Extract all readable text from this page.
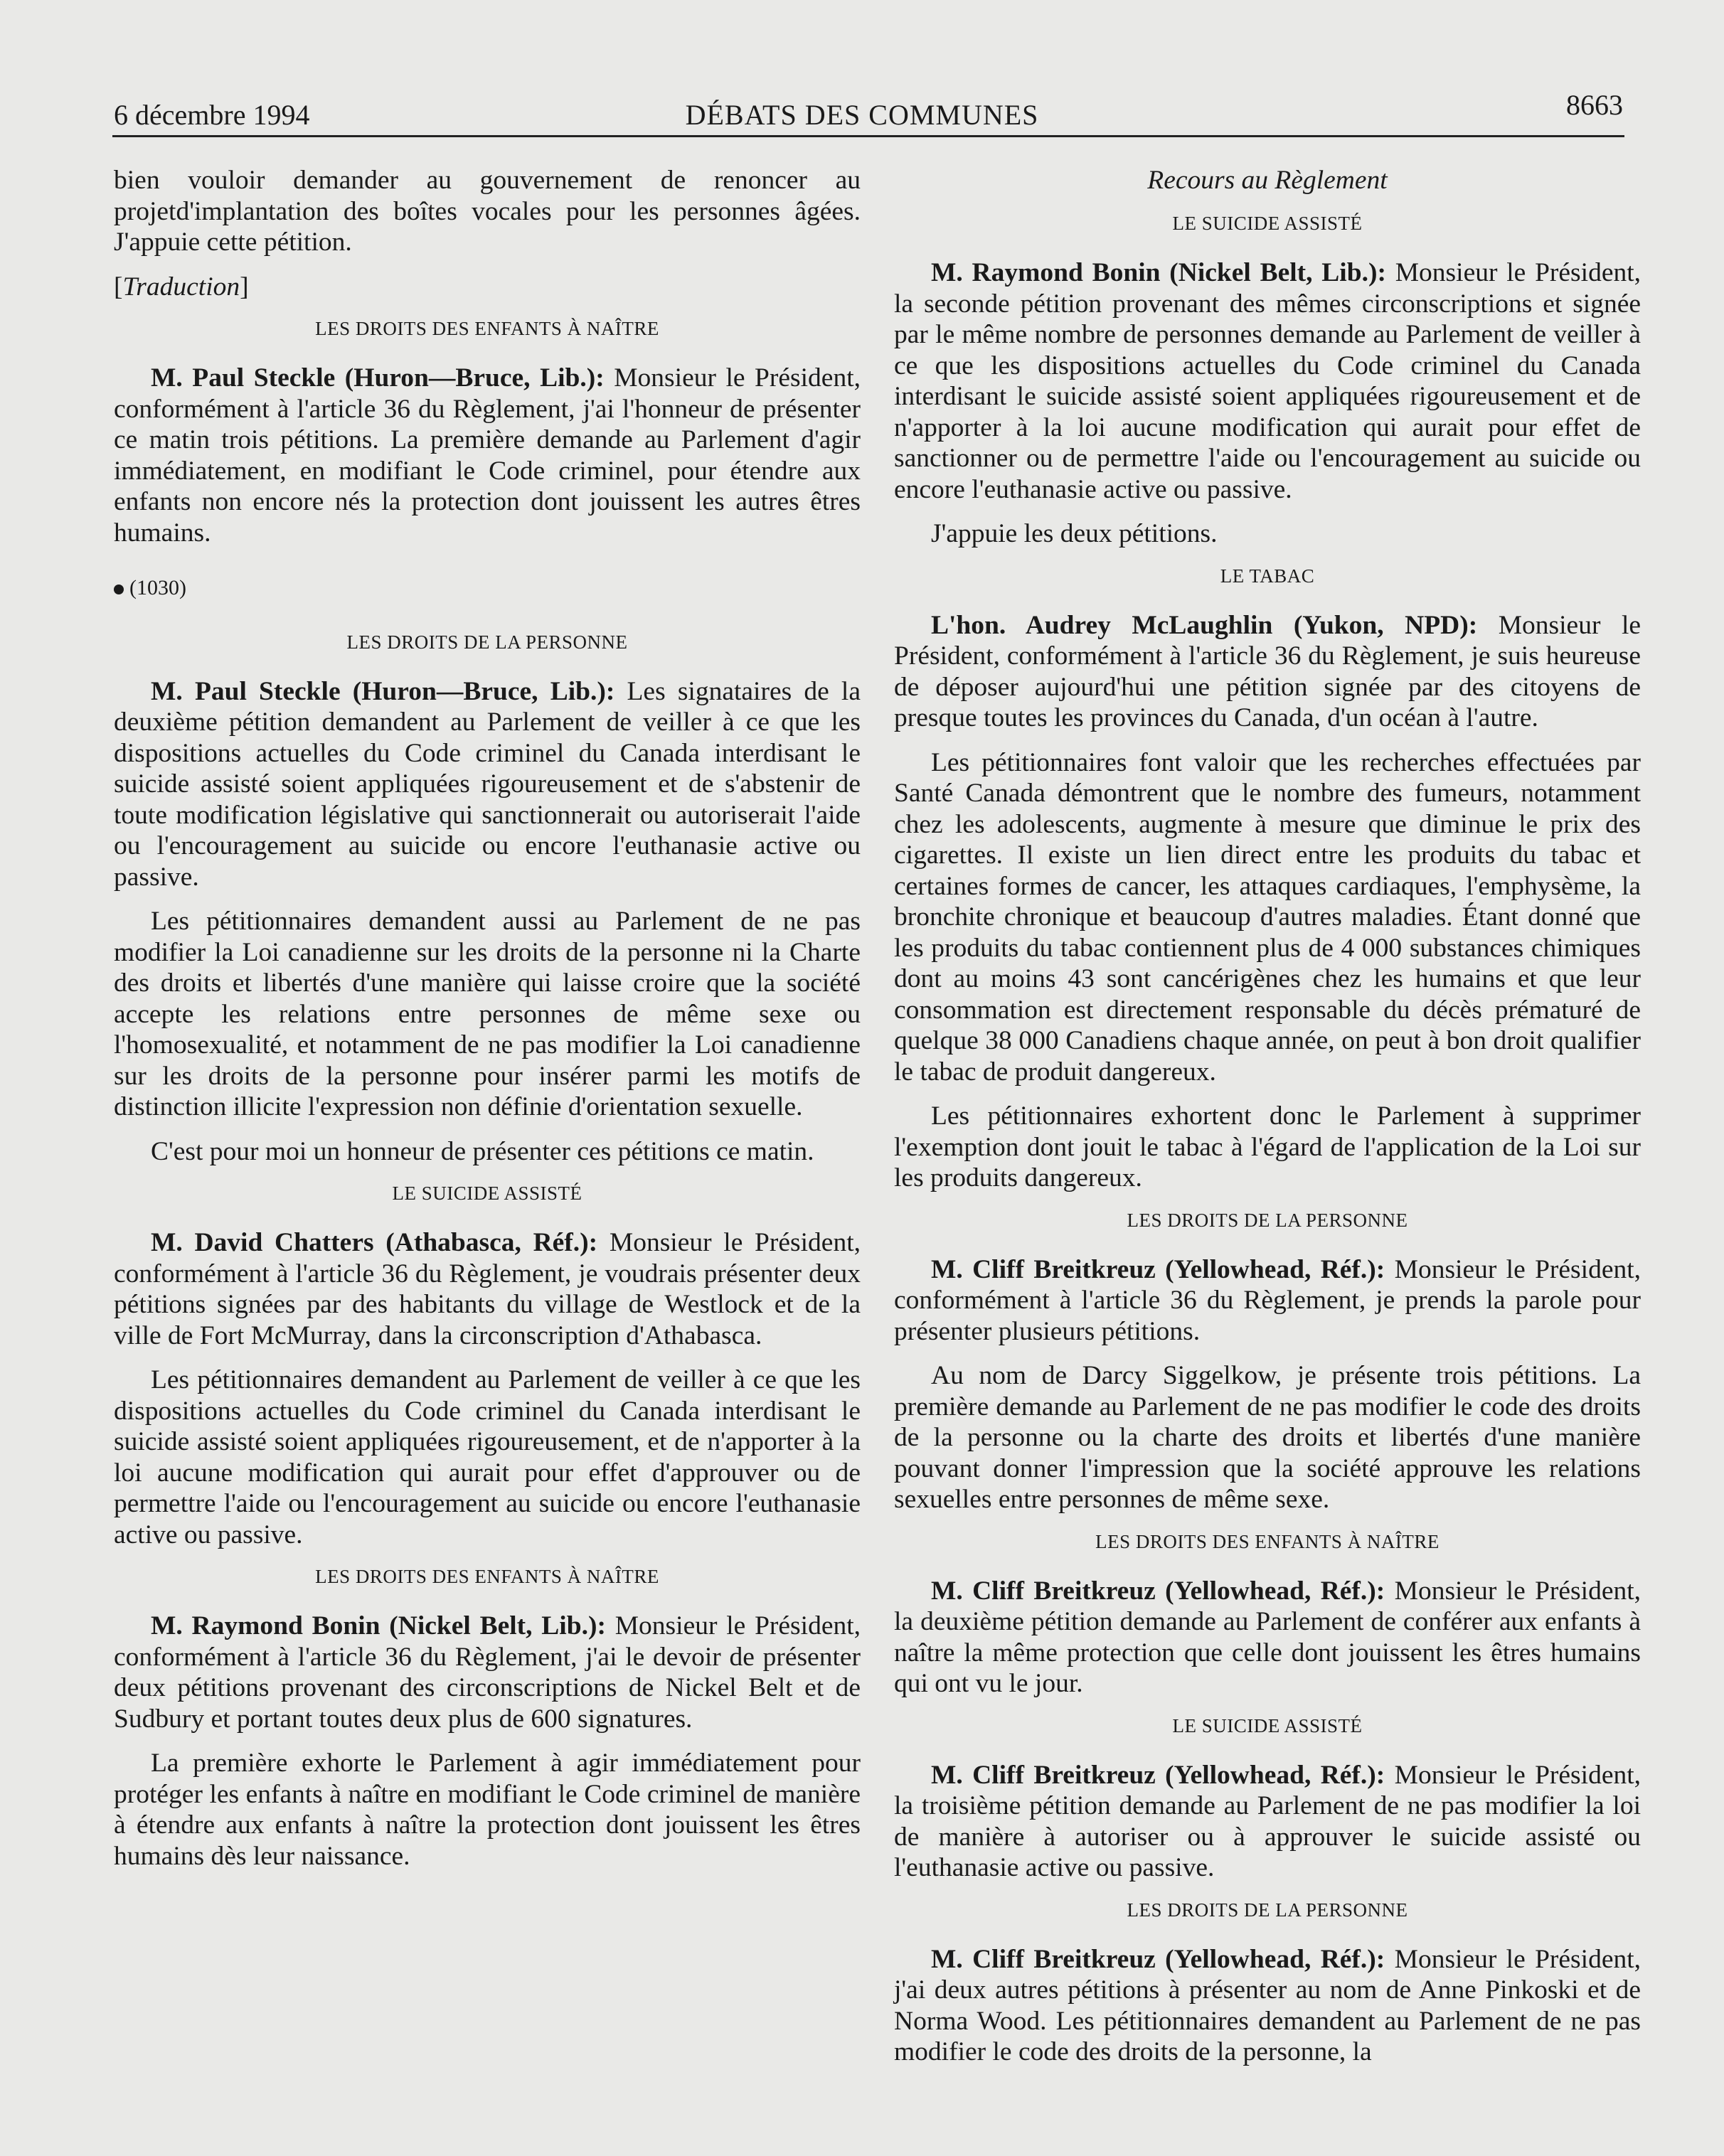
6 décembre 1994	DÉBATS DES COMMUNES	8663

bien vouloir demander au gouvernement de renoncer au projetd'implantation des boîtes vocales pour les personnes âgées. J'appuie cette pétition.

[Traduction]

LES DROITS DES ENFANTS À NAÎTRE

M. Paul Steckle (Huron—Bruce, Lib.): Monsieur le Président, conformément à l'article 36 du Règlement, j'ai l'honneur de présenter ce matin trois pétitions. La première demande au Parlement d'agir immédiatement, en modifiant le Code criminel, pour étendre aux enfants non encore nés la protection dont jouissent les autres êtres humains.

(1030)

LES DROITS DE LA PERSONNE

M. Paul Steckle (Huron—Bruce, Lib.): Les signataires de la deuxième pétition demandent au Parlement de veiller à ce que les dispositions actuelles du Code criminel du Canada interdisant le suicide assisté soient appliquées rigoureusement et de s'abstenir de toute modification législative qui sanctionnerait ou autoriserait l'aide ou l'encouragement au suicide ou encore l'euthanasie active ou passive.

Les pétitionnaires demandent aussi au Parlement de ne pas modifier la Loi canadienne sur les droits de la personne ni la Charte des droits et libertés d'une manière qui laisse croire que la société accepte les relations entre personnes de même sexe ou l'homosexualité, et notamment de ne pas modifier la Loi canadienne sur les droits de la personne pour insérer parmi les motifs de distinction illicite l'expression non définie d'orientation sexuelle.

C'est pour moi un honneur de présenter ces pétitions ce matin.

LE SUICIDE ASSISTÉ

M. David Chatters (Athabasca, Réf.): Monsieur le Président, conformément à l'article 36 du Règlement, je voudrais présenter deux pétitions signées par des habitants du village de Westlock et de la ville de Fort McMurray, dans la circonscription d'Athabasca.

Les pétitionnaires demandent au Parlement de veiller à ce que les dispositions actuelles du Code criminel du Canada interdisant le suicide assisté soient appliquées rigoureusement, et de n'apporter à la loi aucune modification qui aurait pour effet d'approuver ou de permettre l'aide ou l'encouragement au suicide ou encore l'euthanasie active ou passive.

LES DROITS DES ENFANTS À NAÎTRE

M. Raymond Bonin (Nickel Belt, Lib.): Monsieur le Président, conformément à l'article 36 du Règlement, j'ai le devoir de présenter deux pétitions provenant des circonscriptions de Nickel Belt et de Sudbury et portant toutes deux plus de 600 signatures.

La première exhorte le Parlement à agir immédiatement pour protéger les enfants à naître en modifiant le Code criminel de manière à étendre aux enfants à naître la protection dont jouissent les êtres humains dès leur naissance.

Recours au Règlement
LE SUICIDE ASSISTÉ

M. Raymond Bonin (Nickel Belt, Lib.): Monsieur le Président, la seconde pétition provenant des mêmes circonscriptions et signée par le même nombre de personnes demande au Parlement de veiller à ce que les dispositions actuelles du Code criminel du Canada interdisant le suicide assisté soient appliquées rigoureusement et de n'apporter à la loi aucune modification qui aurait pour effet de sanctionner ou de permettre l'aide ou l'encouragement au suicide ou encore l'euthanasie active ou passive.

J'appuie les deux pétitions.

LE TABAC

L'hon. Audrey McLaughlin (Yukon, NPD): Monsieur le Président, conformément à l'article 36 du Règlement, je suis heureuse de déposer aujourd'hui une pétition signée par des citoyens de presque toutes les provinces du Canada, d'un océan à l'autre.

Les pétitionnaires font valoir que les recherches effectuées par Santé Canada démontrent que le nombre des fumeurs, notamment chez les adolescents, augmente à mesure que diminue le prix des cigarettes. Il existe un lien direct entre les produits du tabac et certaines formes de cancer, les attaques cardiaques, l'emphysème, la bronchite chronique et beaucoup d'autres maladies. Étant donné que les produits du tabac contiennent plus de 4 000 substances chimiques dont au moins 43 sont cancérigènes chez les humains et que leur consommation est directement responsable du décès prématuré de quelque 38 000 Canadiens chaque année, on peut à bon droit qualifier le tabac de produit dangereux.

Les pétitionnaires exhortent donc le Parlement à supprimer l'exemption dont jouit le tabac à l'égard de l'application de la Loi sur les produits dangereux.

LES DROITS DE LA PERSONNE

M. Cliff Breitkreuz (Yellowhead, Réf.): Monsieur le Président, conformément à l'article 36 du Règlement, je prends la parole pour présenter plusieurs pétitions.

Au nom de Darcy Siggelkow, je présente trois pétitions. La première demande au Parlement de ne pas modifier le code des droits de la personne ou la charte des droits et libertés d'une manière pouvant donner l'impression que la société approuve les relations sexuelles entre personnes de même sexe.

LES DROITS DES ENFANTS À NAÎTRE

M. Cliff Breitkreuz (Yellowhead, Réf.): Monsieur le Président, la deuxième pétition demande au Parlement de conférer aux enfants à naître la même protection que celle dont jouissent les êtres humains qui ont vu le jour.

LE SUICIDE ASSISTÉ

M. Cliff Breitkreuz (Yellowhead, Réf.): Monsieur le Président, la troisième pétition demande au Parlement de ne pas modifier la loi de manière à autoriser ou à approuver le suicide assisté ou l'euthanasie active ou passive.

LES DROITS DE LA PERSONNE

M. Cliff Breitkreuz (Yellowhead, Réf.): Monsieur le Président, j'ai deux autres pétitions à présenter au nom de Anne Pinkoski et de Norma Wood. Les pétitionnaires demandent au Parlement de ne pas modifier le code des droits de la personne, la
